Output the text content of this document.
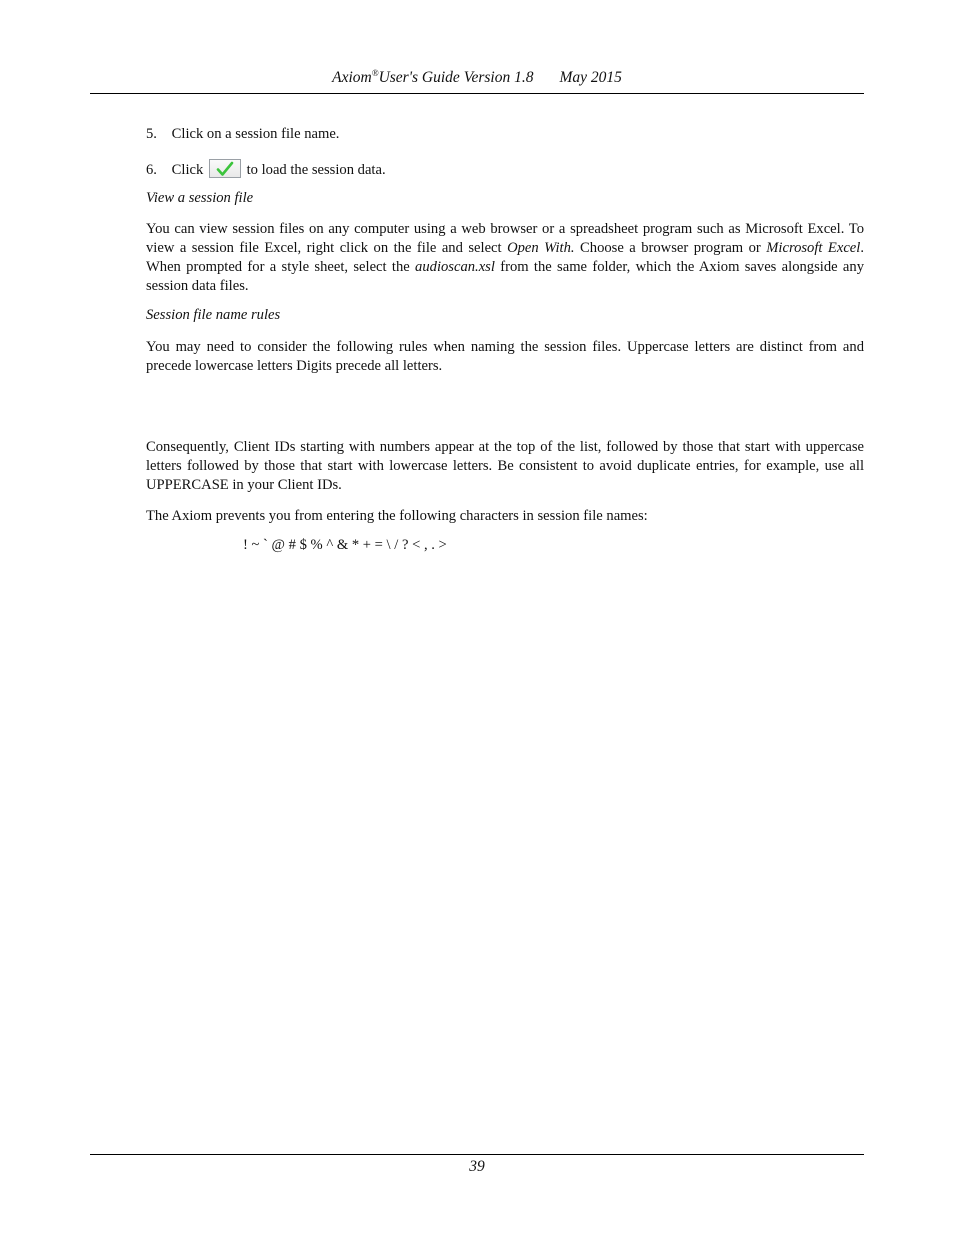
Axiom®User's Guide Version 1.8 May 2015
5. Click on a session file name.
6. Click	to load the session data.
View a session file
You can view session files on any computer using a web browser or a spreadsheet program such as Microsoft Excel. To view a session file Excel, right click on the file and select Open With. Choose a browser program or Microsoft Excel. When prompted for a style sheet, select the audioscan.xsl from the same folder, which the Axiom saves alongside any session data files.
Session file name rules
You may need to consider the following rules when naming the session files. Uppercase letters are distinct from and precede lowercase letters Digits precede all letters.
Consequently, Client IDs starting with numbers appear at the top of the list, followed by those that start with uppercase letters followed by those that start with lowercase letters. Be consistent to avoid duplicate entries, for example, use all UPPERCASE in your Client IDs.
The Axiom prevents you from entering the following characters in session file names:
! ~ ` @ # $ % ^ & * + = \ / ? < , . >
39
